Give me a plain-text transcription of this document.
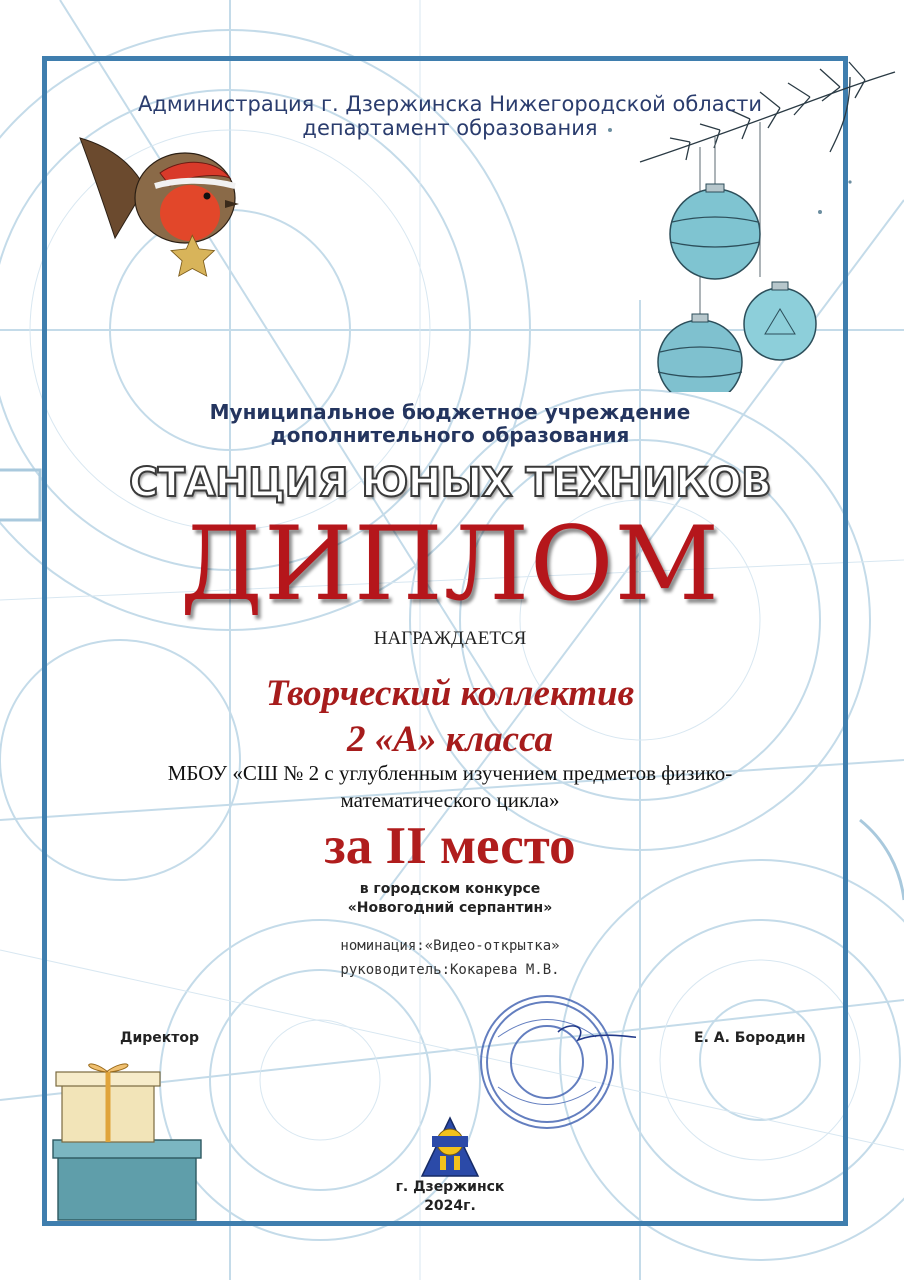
Администрация г. Дзержинска Нижегородской области
департамент образования
Муниципальное бюджетное учреждение
дополнительного образования
СТАНЦИЯ ЮНЫХ ТЕХНИКОВ
ДИПЛОМ
НАГРАЖДАЕТСЯ
Творческий коллектив
2 «А» класса
МБОУ «СШ № 2 с углубленным изучением предметов физико-
математического цикла»
за II место
в городском конкурсе
«Новогодний серпантин»
номинация:«Видео-открытка»
руководитель:Кокарева М.В.
Директор	Е. А. Бородин
г. Дзержинск
2024г.
